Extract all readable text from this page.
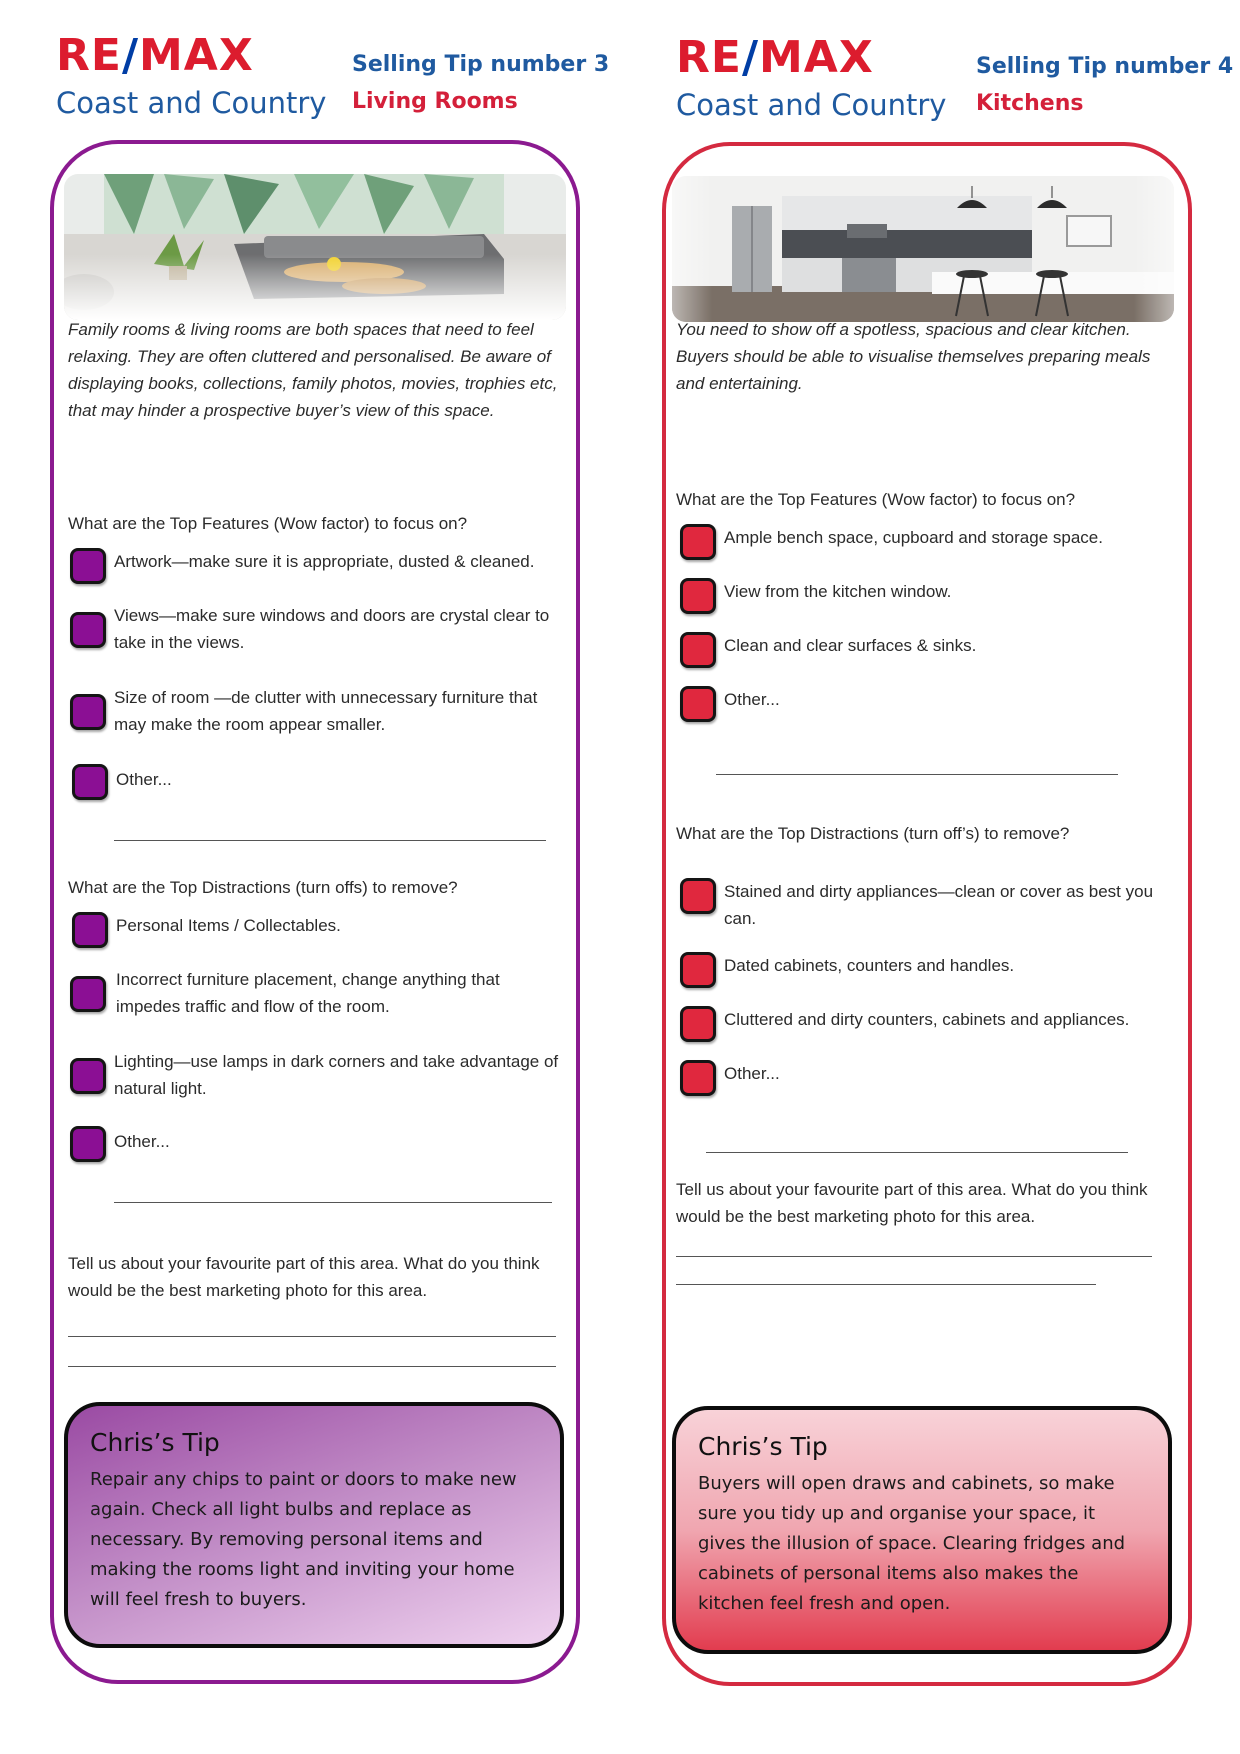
RE/MAX
Coast and Country
Selling Tip number 3
Living Rooms
Family rooms & living rooms are both spaces that need to feel relaxing. They are often cluttered and personalised. Be aware of displaying books, collections, family photos, movies, trophies etc, that may hinder a prospective buyer’s view of this space.
What are the Top Features (Wow factor) to focus on?
Artwork—make sure it is appropriate, dusted & cleaned.
Views—make sure windows and doors are crystal clear to take in the views.
Size of room —de clutter with unnecessary furniture that may make the room appear smaller.
Other...
What are the Top Distractions (turn offs) to remove?
Personal Items / Collectables.
Incorrect furniture placement, change anything that impedes traffic and flow of the room.
Lighting—use lamps in dark corners and take advantage of natural light.
Other...
Tell us about your favourite part of this area. What do you think would be the best marketing photo for this area.
Chris’s Tip
Repair any chips to paint or doors to make new again. Check all light bulbs and replace as necessary. By removing personal items and making the rooms light and inviting your home will feel fresh to buyers.
RE/MAX
Coast and Country
Selling Tip number 4
Kitchens
You need to show off a spotless, spacious and clear kitchen. Buyers should be able to visualise themselves preparing meals and entertaining.
What are the Top Features (Wow factor) to focus on?
Ample bench space, cupboard and storage space.
View from the kitchen window.
Clean and clear surfaces & sinks.
Other...
What are the Top Distractions (turn off’s) to remove?
Stained and dirty appliances—clean or cover as best you can.
Dated cabinets, counters and handles.
Cluttered and dirty counters, cabinets and appliances.
Other...
Tell us about your favourite part of this area. What do you think would be the best marketing photo for this area.
Chris’s Tip
Buyers will open draws and cabinets, so make sure you tidy up and organise your space, it gives the illusion of space. Clearing fridges and cabinets of personal items also makes the kitchen feel fresh and open.
